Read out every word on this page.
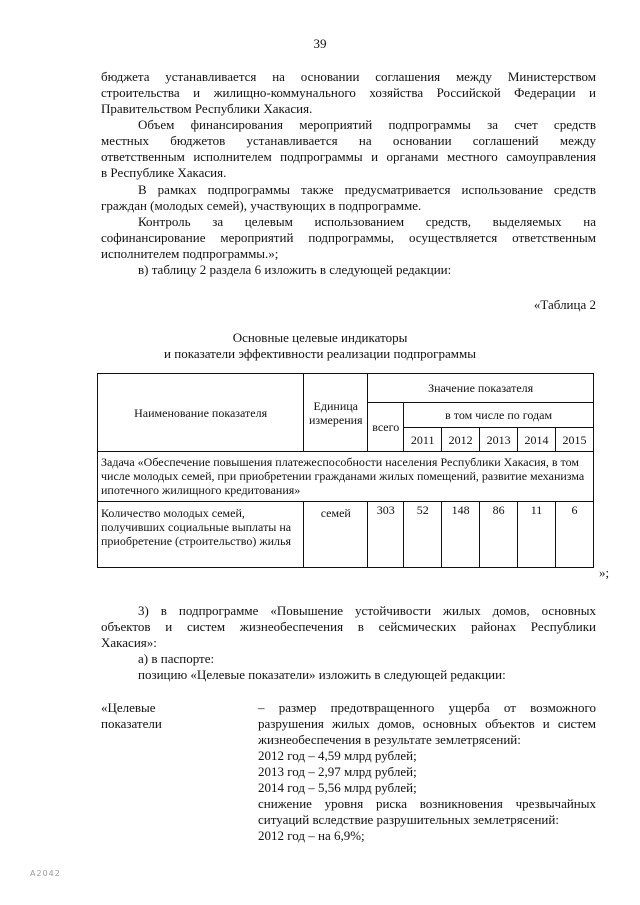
39
бюджета устанавливается на основании соглашения между Министерством
строительства и жилищно-коммунального хозяйства Российской Федерации и
Правительством Республики Хакасия.
Объем финансирования мероприятий подпрограммы за счет средств
местных бюджетов устанавливается на основании соглашений между
ответственным исполнителем подпрограммы и органами местного самоуправления
в Республике Хакасия.
В рамках подпрограммы также предусматривается использование средств
граждан (молодых семей), участвующих в подпрограмме.
Контроль за целевым использованием средств, выделяемых на
софинансирование мероприятий подпрограммы, осуществляется ответственным
исполнителем подпрограммы.»;
в) таблицу 2 раздела 6 изложить в следующей редакции:
«Таблица 2
Основные целевые индикаторы
и показатели эффективности реализации подпрограммы
Наименование показателя	Единица измерения	Значение показателя					
		всего	в том числе по годам				
			2011	2012	2013	2014	2015
Задача «Обеспечение повышения платежеспособности населения Республики Хакасия, в том числе молодых семей, при приобретении гражданами жилых помещений, развитие механизма ипотечного жилищного кредитования»							
Количество молодых семей, получивших социальные выплаты на приобретение (строительство) жилья	семей	303	52	148	86	11	6
»;
3) в подпрограмме «Повышение устойчивости жилых домов, основных
объектов и систем жизнеобеспечения в сейсмических районах Республики
Хакасия»:
а) в паспорте:
позицию «Целевые показатели» изложить в следующей редакции:
«Целевые
показатели
– размер предотвращенного ущерба от возможного
разрушения жилых домов, основных объектов и систем
жизнеобеспечения в результате землетрясений:
2012 год – 4,59 млрд рублей;
2013 год – 2,97 млрд рублей;
2014 год – 5,56 млрд рублей;
снижение уровня риска возникновения чрезвычайных
ситуаций вследствие разрушительных землетрясений:
2012 год – на 6,9%;
А2042
